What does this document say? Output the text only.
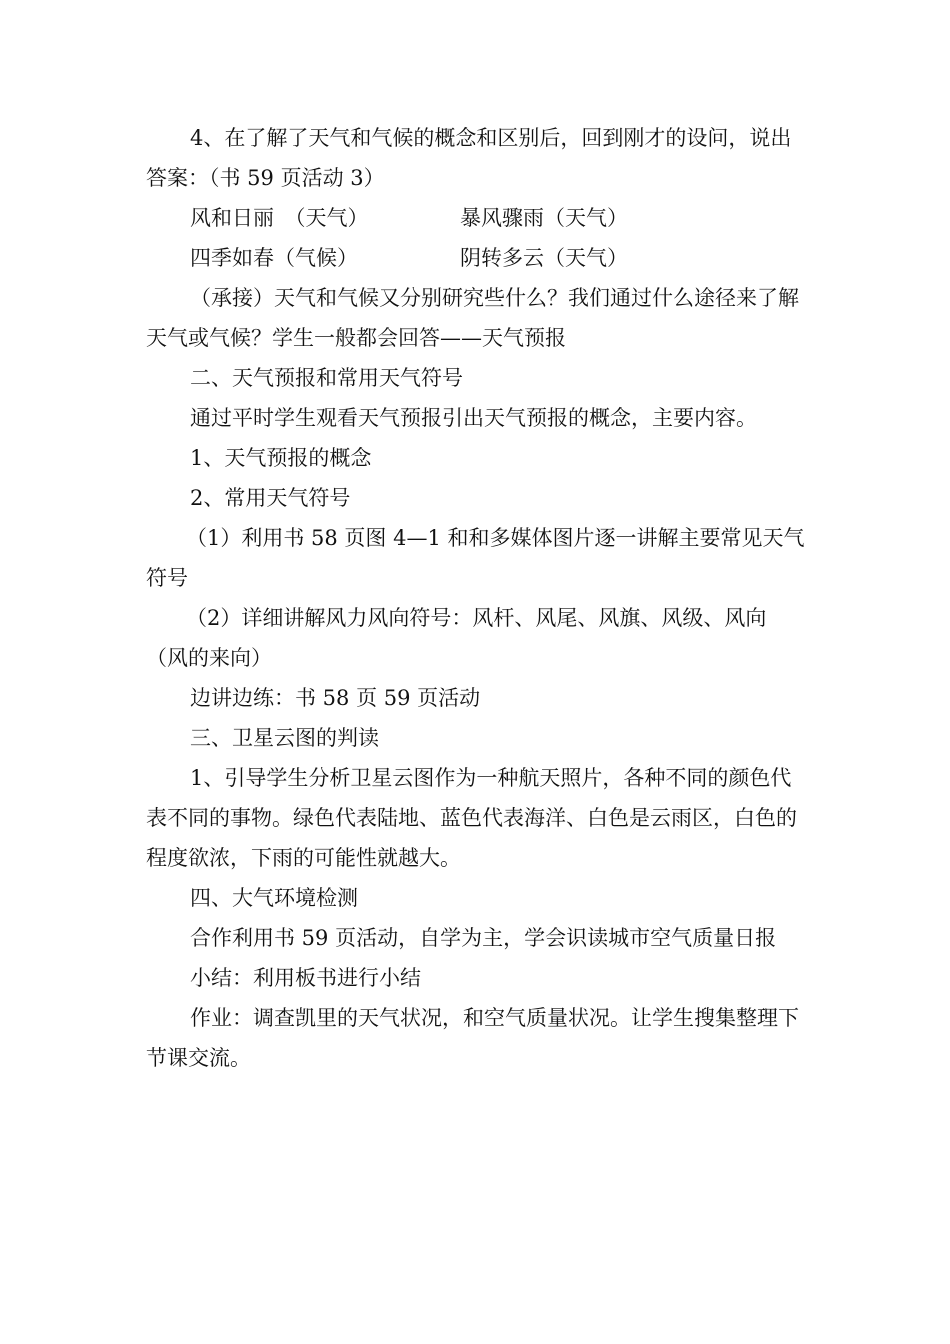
4、在了解了天气和气候的概念和区别后，回到刚才的设问，说出答案：（书 59 页活动 3）

风和日丽　（天气）	暴风骤雨（天气）
四季如春（气候）	阴转多云（天气）

（承接）天气和气候又分别研究些什么？我们通过什么途径来了解天气或气候？学生一般都会回答——天气预报

二、天气预报和常用天气符号

通过平时学生观看天气预报引出天气预报的概念，主要内容。

1、天气预报的概念

2、常用天气符号

（1）利用书 58 页图 4—1 和和多媒体图片逐一讲解主要常见天气符号

（2）详细讲解风力风向符号：风杆、风尾、风旗、风级、风向（风的来向）

边讲边练：书 58 页 59 页活动

三、卫星云图的判读

1、引导学生分析卫星云图作为一种航天照片，各种不同的颜色代表不同的事物。绿色代表陆地、蓝色代表海洋、白色是云雨区，白色的程度欲浓，下雨的可能性就越大。

四、大气环境检测

合作利用书 59 页活动，自学为主，学会识读城市空气质量日报

小结：利用板书进行小结

作业：调查凯里的天气状况，和空气质量状况。让学生搜集整理下节课交流。
